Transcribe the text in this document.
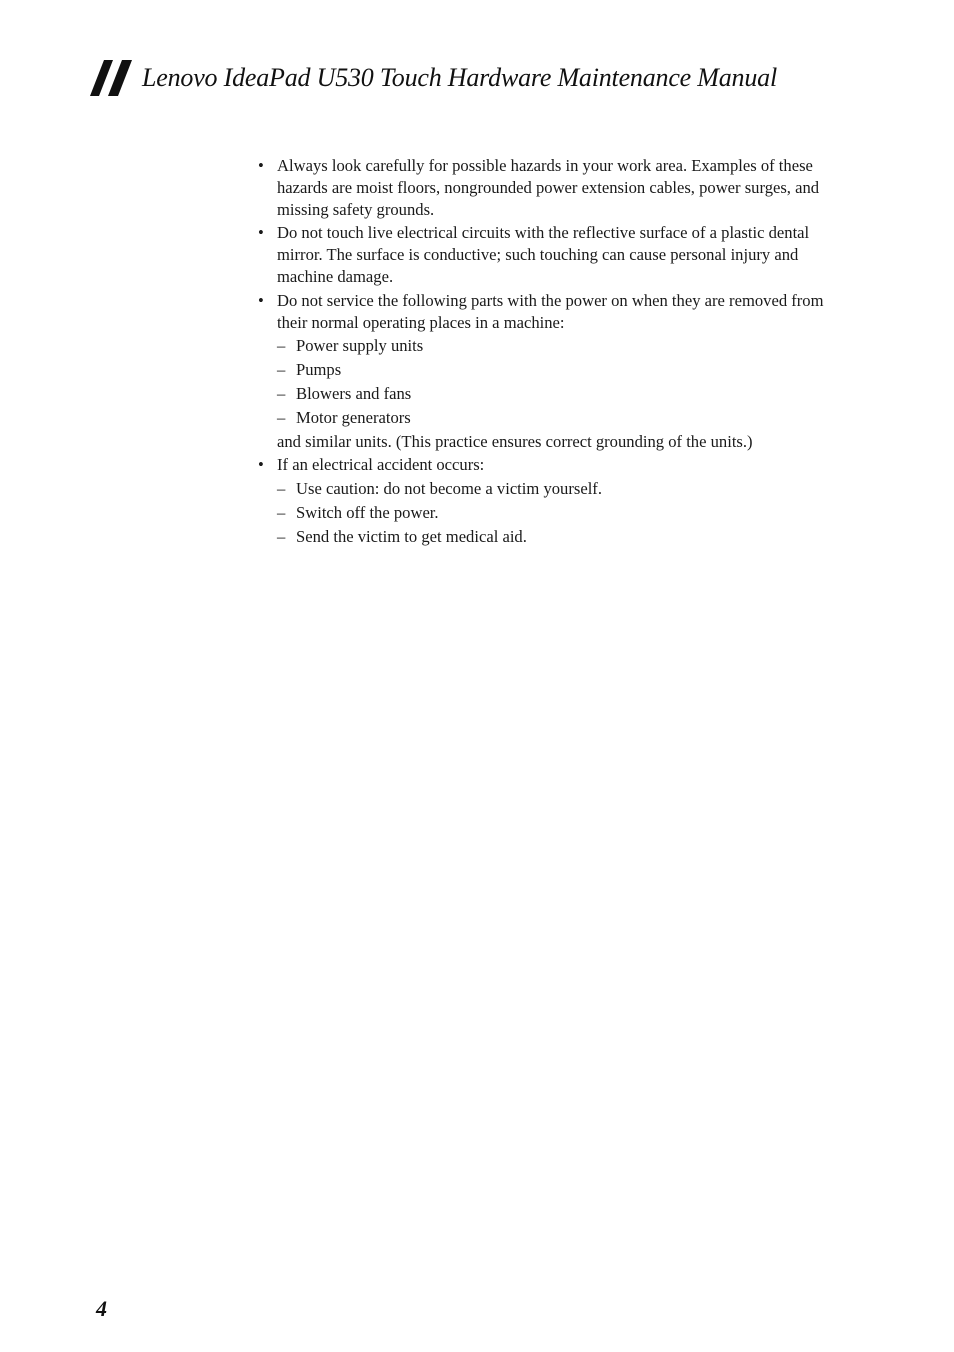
Lenovo IdeaPad U530 Touch Hardware Maintenance Manual
• Always look carefully for possible hazards in your work area. Examples of these hazards are moist floors, nongrounded power extension cables, power surges, and missing safety grounds.
• Do not touch live electrical circuits with the reflective surface of a plastic dental mirror. The surface is conductive; such touching can cause personal injury and machine damage.
• Do not service the following parts with the power on when they are removed from their normal operating places in a machine:
– Power supply units
– Pumps
– Blowers and fans
– Motor generators
and similar units. (This practice ensures correct grounding of the units.)
• If an electrical accident occurs:
– Use caution: do not become a victim yourself.
– Switch off the power.
– Send the victim to get medical aid.
4
